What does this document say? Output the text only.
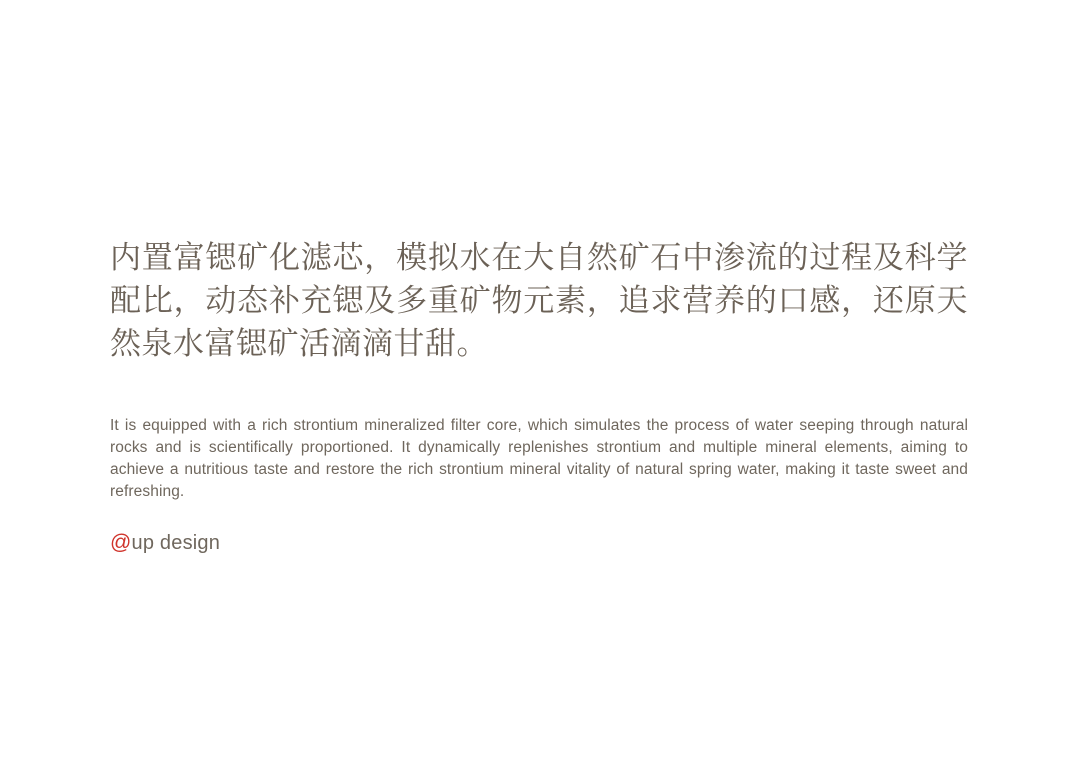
内置富锶矿化滤芯，模拟水在大自然矿石中渗流的过程及科学配比，动态补充锶及多重矿物元素，追求营养的口感，还原天然泉水富锶矿活滴滴甘甜。

It is equipped with a rich strontium mineralized filter core, which simulates the process of water seeping through natural rocks and is scientifically proportioned. It dynamically replenishes strontium and multiple mineral elements, aiming to achieve a nutritious taste and restore the rich strontium mineral vitality of natural spring water, making it taste sweet and refreshing.

@up design
